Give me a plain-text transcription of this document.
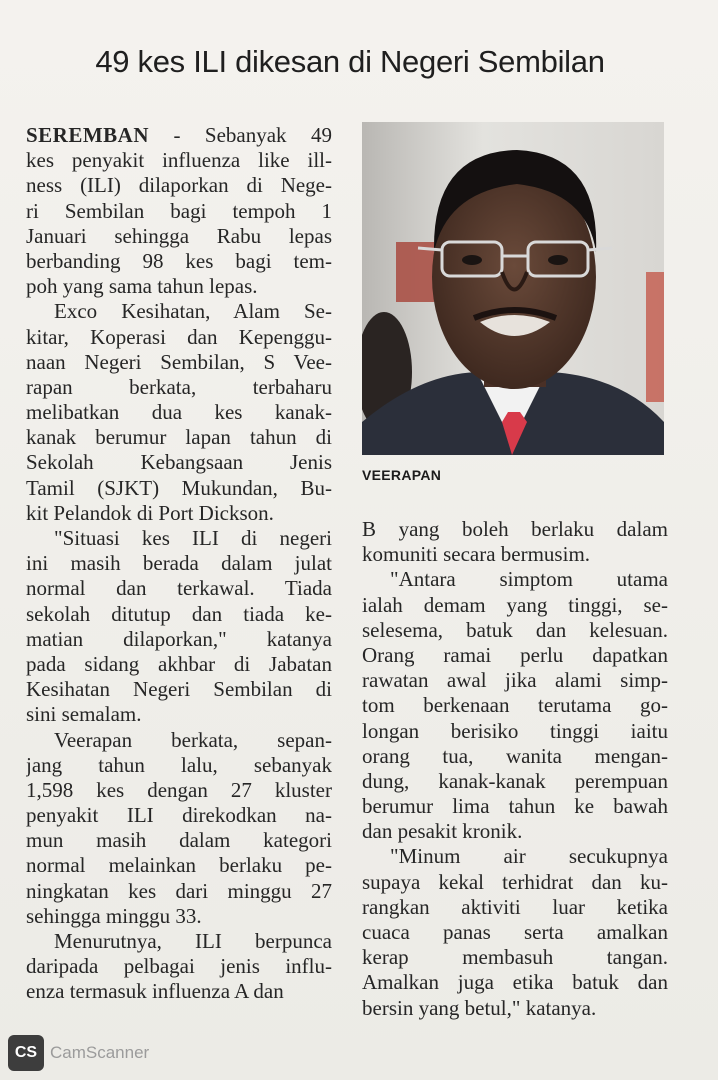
49 kes ILI dikesan di Negeri Sembilan
SEREMBAN - Sebanyak 49
kes penyakit influenza like ill-
ness (ILI) dilaporkan di Nege-
ri Sembilan bagi tempoh 1
Januari sehingga Rabu lepas
berbanding 98 kes bagi tem-
poh yang sama tahun lepas.
Exco Kesihatan, Alam Se-
kitar, Koperasi dan Kepenggu-
naan Negeri Sembilan, S Vee-
rapan berkata, terbaharu
melibatkan dua kes kanak-
kanak berumur lapan tahun di
Sekolah Kebangsaan Jenis
Tamil (SJKT) Mukundan, Bu-
kit Pelandok di Port Dickson.
"Situasi kes ILI di negeri
ini masih berada dalam julat
normal dan terkawal. Tiada
sekolah ditutup dan tiada ke-
matian dilaporkan," katanya
pada sidang akhbar di Jabatan
Kesihatan Negeri Sembilan di
sini semalam.
Veerapan berkata, sepan-
jang tahun lalu, sebanyak
1,598 kes dengan 27 kluster
penyakit ILI direkodkan na-
mun masih dalam kategori
normal melainkan berlaku pe-
ningkatan kes dari minggu 27
sehingga minggu 33.
Menurutnya, ILI berpunca
daripada pelbagai jenis influ-
enza termasuk influenza A dan
VEERAPAN
B yang boleh berlaku dalam
komuniti secara bermusim.
"Antara simptom utama
ialah demam yang tinggi, se-
selesema, batuk dan kelesuan.
Orang ramai perlu dapatkan
rawatan awal jika alami simp-
tom berkenaan terutama go-
longan berisiko tinggi iaitu
orang tua, wanita mengan-
dung, kanak-kanak perempuan
berumur lima tahun ke bawah
dan pesakit kronik.
"Minum air secukupnya
supaya kekal terhidrat dan ku-
rangkan aktiviti luar ketika
cuaca panas serta amalkan
kerap membasuh tangan.
Amalkan juga etika batuk dan
bersin yang betul," katanya.
CS CamScanner
